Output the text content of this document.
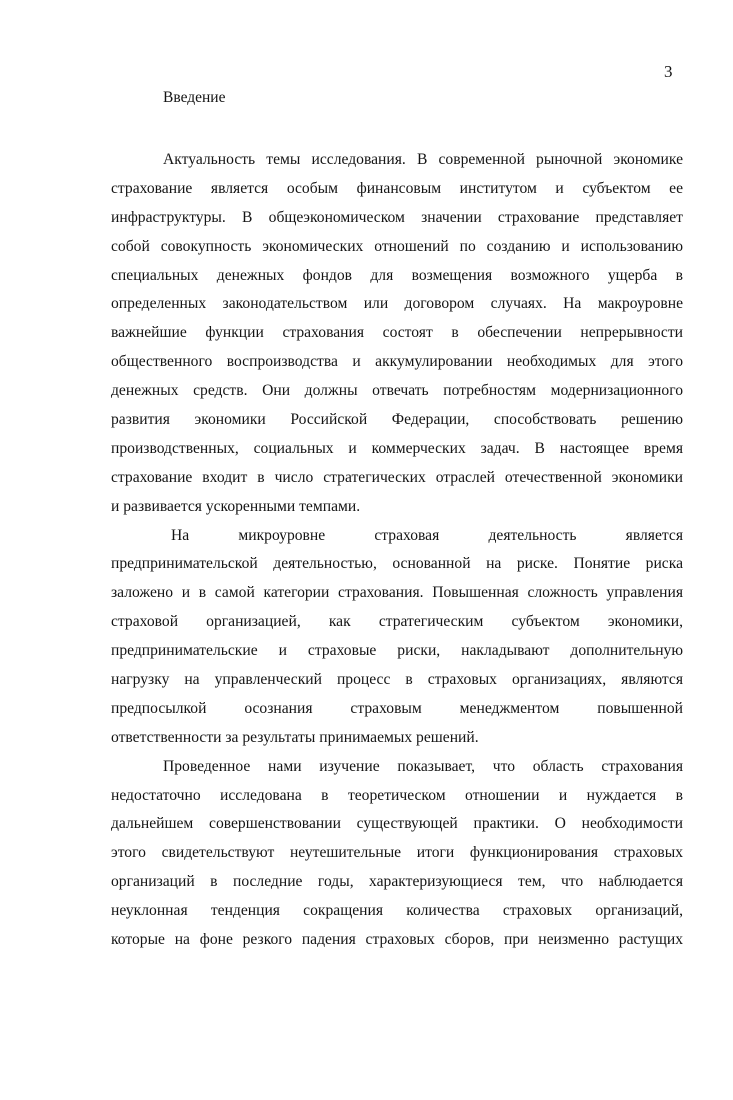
3
Введение
Актуальность темы исследования. В современной рыночной экономике
страхование является особым финансовым институтом и субъектом ее
инфраструктуры. В общеэкономическом значении страхование представляет
собой совокупность экономических отношений по созданию и использованию
специальных денежных фондов для возмещения возможного ущерба в
определенных законодательством или договором случаях. На макроуровне
важнейшие функции страхования состоят в обеспечении непрерывности
общественного воспроизводства и аккумулировании необходимых для этого
денежных средств. Они должны отвечать потребностям модернизационного
развития экономики Российской Федерации, способствовать решению
производственных, социальных и коммерческих задач. В настоящее время
страхование входит в число стратегических отраслей отечественной экономики
и развивается ускоренными темпами.
На микроуровне страховая деятельность является
предпринимательской деятельностью, основанной на риске. Понятие риска
заложено и в самой категории страхования. Повышенная сложность управления
страховой организацией, как стратегическим субъектом экономики,
предпринимательские и страховые риски, накладывают дополнительную
нагрузку на управленческий процесс в страховых организациях, являются
предпосылкой осознания страховым менеджментом повышенной
ответственности за результаты принимаемых решений.
Проведенное нами изучение показывает, что область страхования
недостаточно исследована в теоретическом отношении и нуждается в
дальнейшем совершенствовании существующей практики. О необходимости
этого свидетельствуют неутешительные итоги функционирования страховых
организаций в последние годы, характеризующиеся тем, что наблюдается
неуклонная тенденция сокращения количества страховых организаций,
которые на фоне резкого падения страховых сборов, при неизменно растущих
